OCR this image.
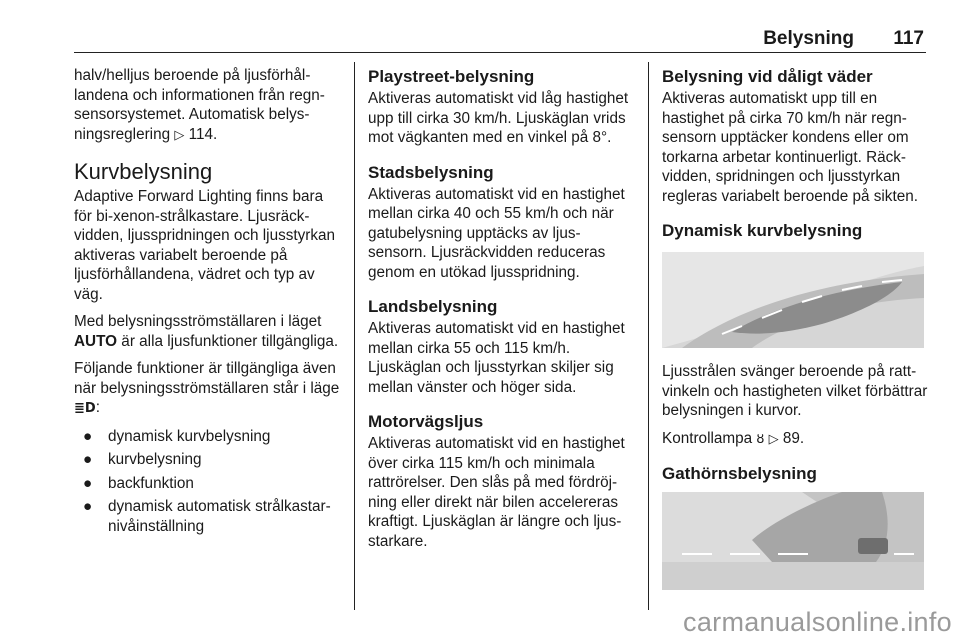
Belysning 117

halv/helljus beroende på ljusförhållandena och informationen från regnsensorsystemet. Automatisk belysningsreglering ▷ 114.

Kurvbelysning

Adaptive Forward Lighting finns bara för bi-xenon-strålkastare. Ljusräckvidden, ljusspridningen och ljusstyrkan aktiveras variabelt beroende på ljusförhållandena, vädret och typ av väg.

Med belysningsströmställaren i läget AUTO är alla ljusfunktioner tillgängliga.

Följande funktioner är tillgängliga även när belysningsströmställaren står i läge ≣D:

● dynamisk kurvbelysning
● kurvbelysning
● backfunktion
● dynamisk automatisk strålkastarnivåinställning
Playstreet-belysning

Aktiveras automatiskt vid låg hastighet upp till cirka 30 km/h. Ljuskäglan vrids mot vägkanten med en vinkel på 8°.

Stadsbelysning

Aktiveras automatiskt vid en hastighet mellan cirka 40 och 55 km/h och när gatubelysning upptäcks av ljussensorn. Ljusräckvidden reduceras genom en utökad ljusspridning.

Landsbelysning

Aktiveras automatiskt vid en hastighet mellan cirka 55 och 115 km/h. Ljuskäglan och ljusstyrkan skiljer sig mellan vänster och höger sida.

Motorvägsljus

Aktiveras automatiskt vid en hastighet över cirka 115 km/h och minimala rattrörelser. Den slås på med fördröjning eller direkt när bilen accelereras kraftigt. Ljuskäglan är längre och ljusstarkare.

Belysning vid dåligt väder

Aktiveras automatiskt upp till en hastighet på cirka 70 km/h när regnsensorn upptäcker kondens eller om torkarna arbetar kontinuerligt. Räckvidden, spridningen och ljusstyrkan regleras variabelt beroende på sikten.

Dynamisk kurvbelysning

Ljusstrålen svänger beroende på rattvinkeln och hastigheten vilket förbättrar belysningen i kurvor.

Kontrollampa ȣ ▷ 89.

Gathörnsbelysning
carmanualsonline.info
